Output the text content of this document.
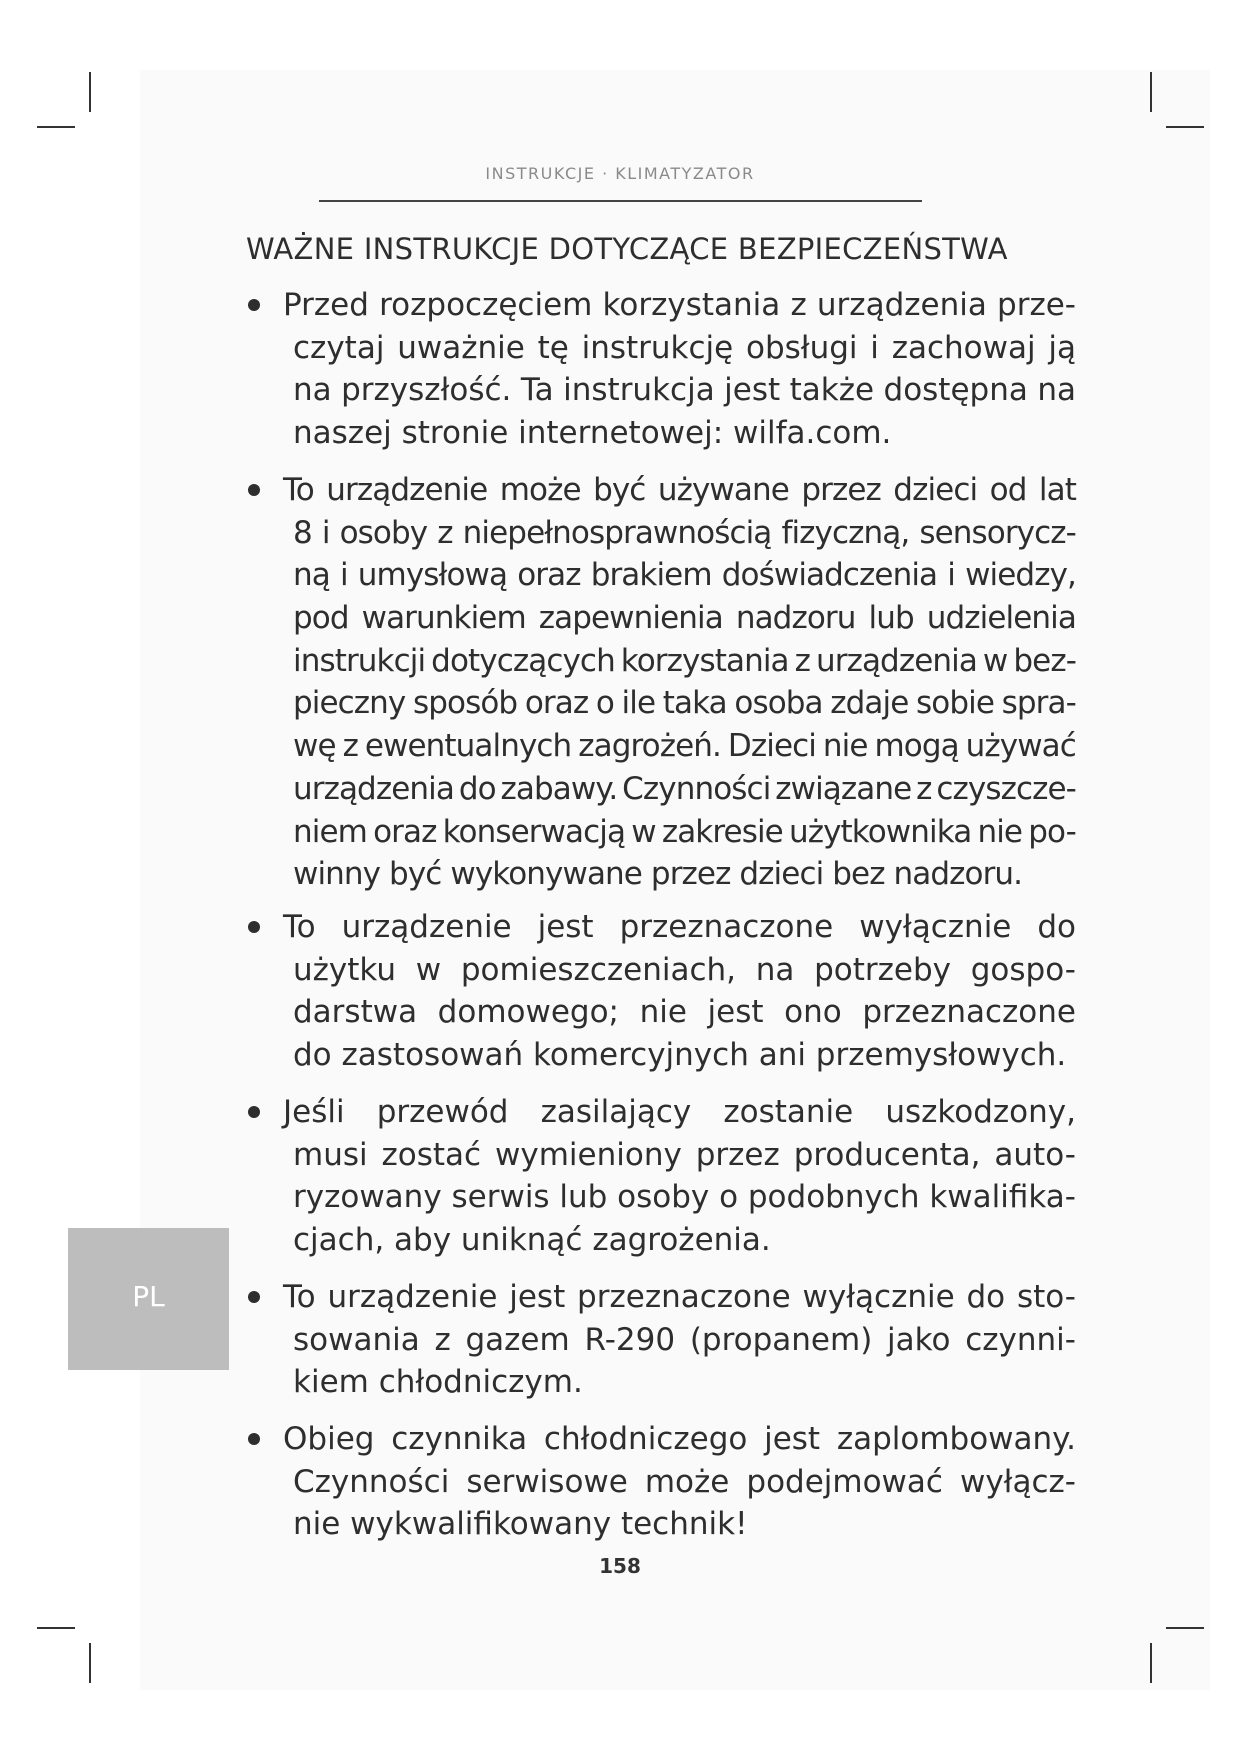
INSTRUKCJE · KLIMATYZATOR
WAŻNE INSTRUKCJE DOTYCZĄCE BEZPIECZEŃSTWA
Przed rozpoczęciem korzystania z urządzenia prze-
czytaj uważnie tę instrukcję obsługi i zachowaj ją
na przyszłość. Ta instrukcja jest także dostępna na
naszej stronie internetowej: wilfa.com.
To urządzenie może być używane przez dzieci od lat
8 i osoby z niepełnosprawnością fizyczną, sensorycz-
ną i umysłową oraz brakiem doświadczenia i wiedzy,
pod warunkiem zapewnienia nadzoru lub udzielenia
instrukcji dotyczących korzystania z urządzenia w bez-
pieczny sposób oraz o ile taka osoba zdaje sobie spra-
wę z ewentualnych zagrożeń. Dzieci nie mogą używać
urządzenia do zabawy. Czynności związane z czyszcze-
niem oraz konserwacją w zakresie użytkownika nie po-
winny być wykonywane przez dzieci bez nadzoru.
To urządzenie jest przeznaczone wyłącznie do
użytku w pomieszczeniach, na potrzeby gospo-
darstwa domowego; nie jest ono przeznaczone
do zastosowań komercyjnych ani przemysłowych.
Jeśli przewód zasilający zostanie uszkodzony,
musi zostać wymieniony przez producenta, auto-
ryzowany serwis lub osoby o podobnych kwalifika-
cjach, aby uniknąć zagrożenia.
To urządzenie jest przeznaczone wyłącznie do sto-
sowania z gazem R-290 (propanem) jako czynni-
kiem chłodniczym.
Obieg czynnika chłodniczego jest zaplombowany.
Czynności serwisowe może podejmować wyłącz-
nie wykwalifikowany technik!
PL
158
